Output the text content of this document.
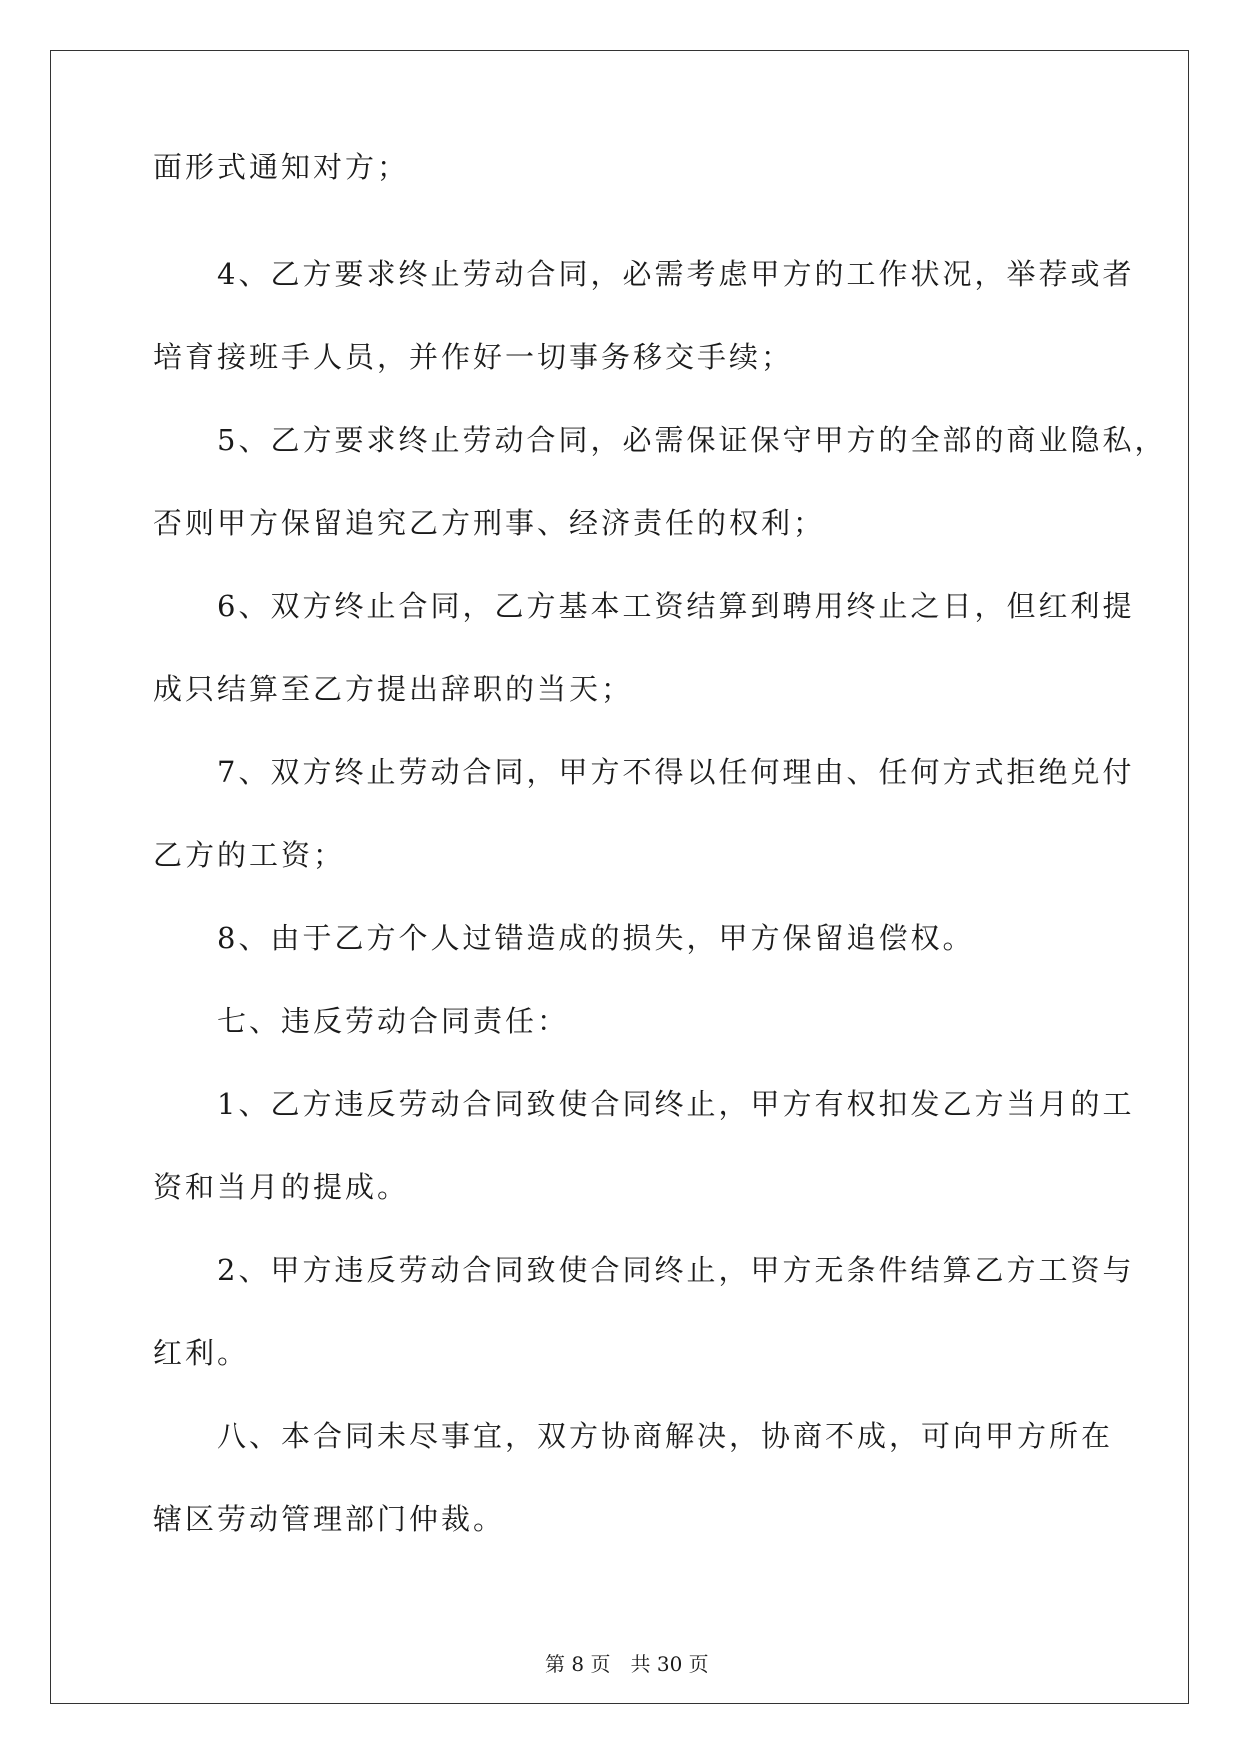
面形式通知对方；
　　4、乙方要求终止劳动合同，必需考虑甲方的工作状况，举荐或者
培育接班手人员，并作好一切事务移交手续；
　　5、乙方要求终止劳动合同，必需保证保守甲方的全部的商业隐私，
否则甲方保留追究乙方刑事、经济责任的权利；
　　6、双方终止合同，乙方基本工资结算到聘用终止之日，但红利提
成只结算至乙方提出辞职的当天；
　　7、双方终止劳动合同，甲方不得以任何理由、任何方式拒绝兑付
乙方的工资；
　　8、由于乙方个人过错造成的损失，甲方保留追偿权。
　　七、违反劳动合同责任：
　　1、乙方违反劳动合同致使合同终止，甲方有权扣发乙方当月的工
资和当月的提成。
　　2、甲方违反劳动合同致使合同终止，甲方无条件结算乙方工资与
红利。
　　八、本合同未尽事宜，双方协商解决，协商不成，可向甲方所在
辖区劳动管理部门仲裁。

第 8 页　共 30 页
